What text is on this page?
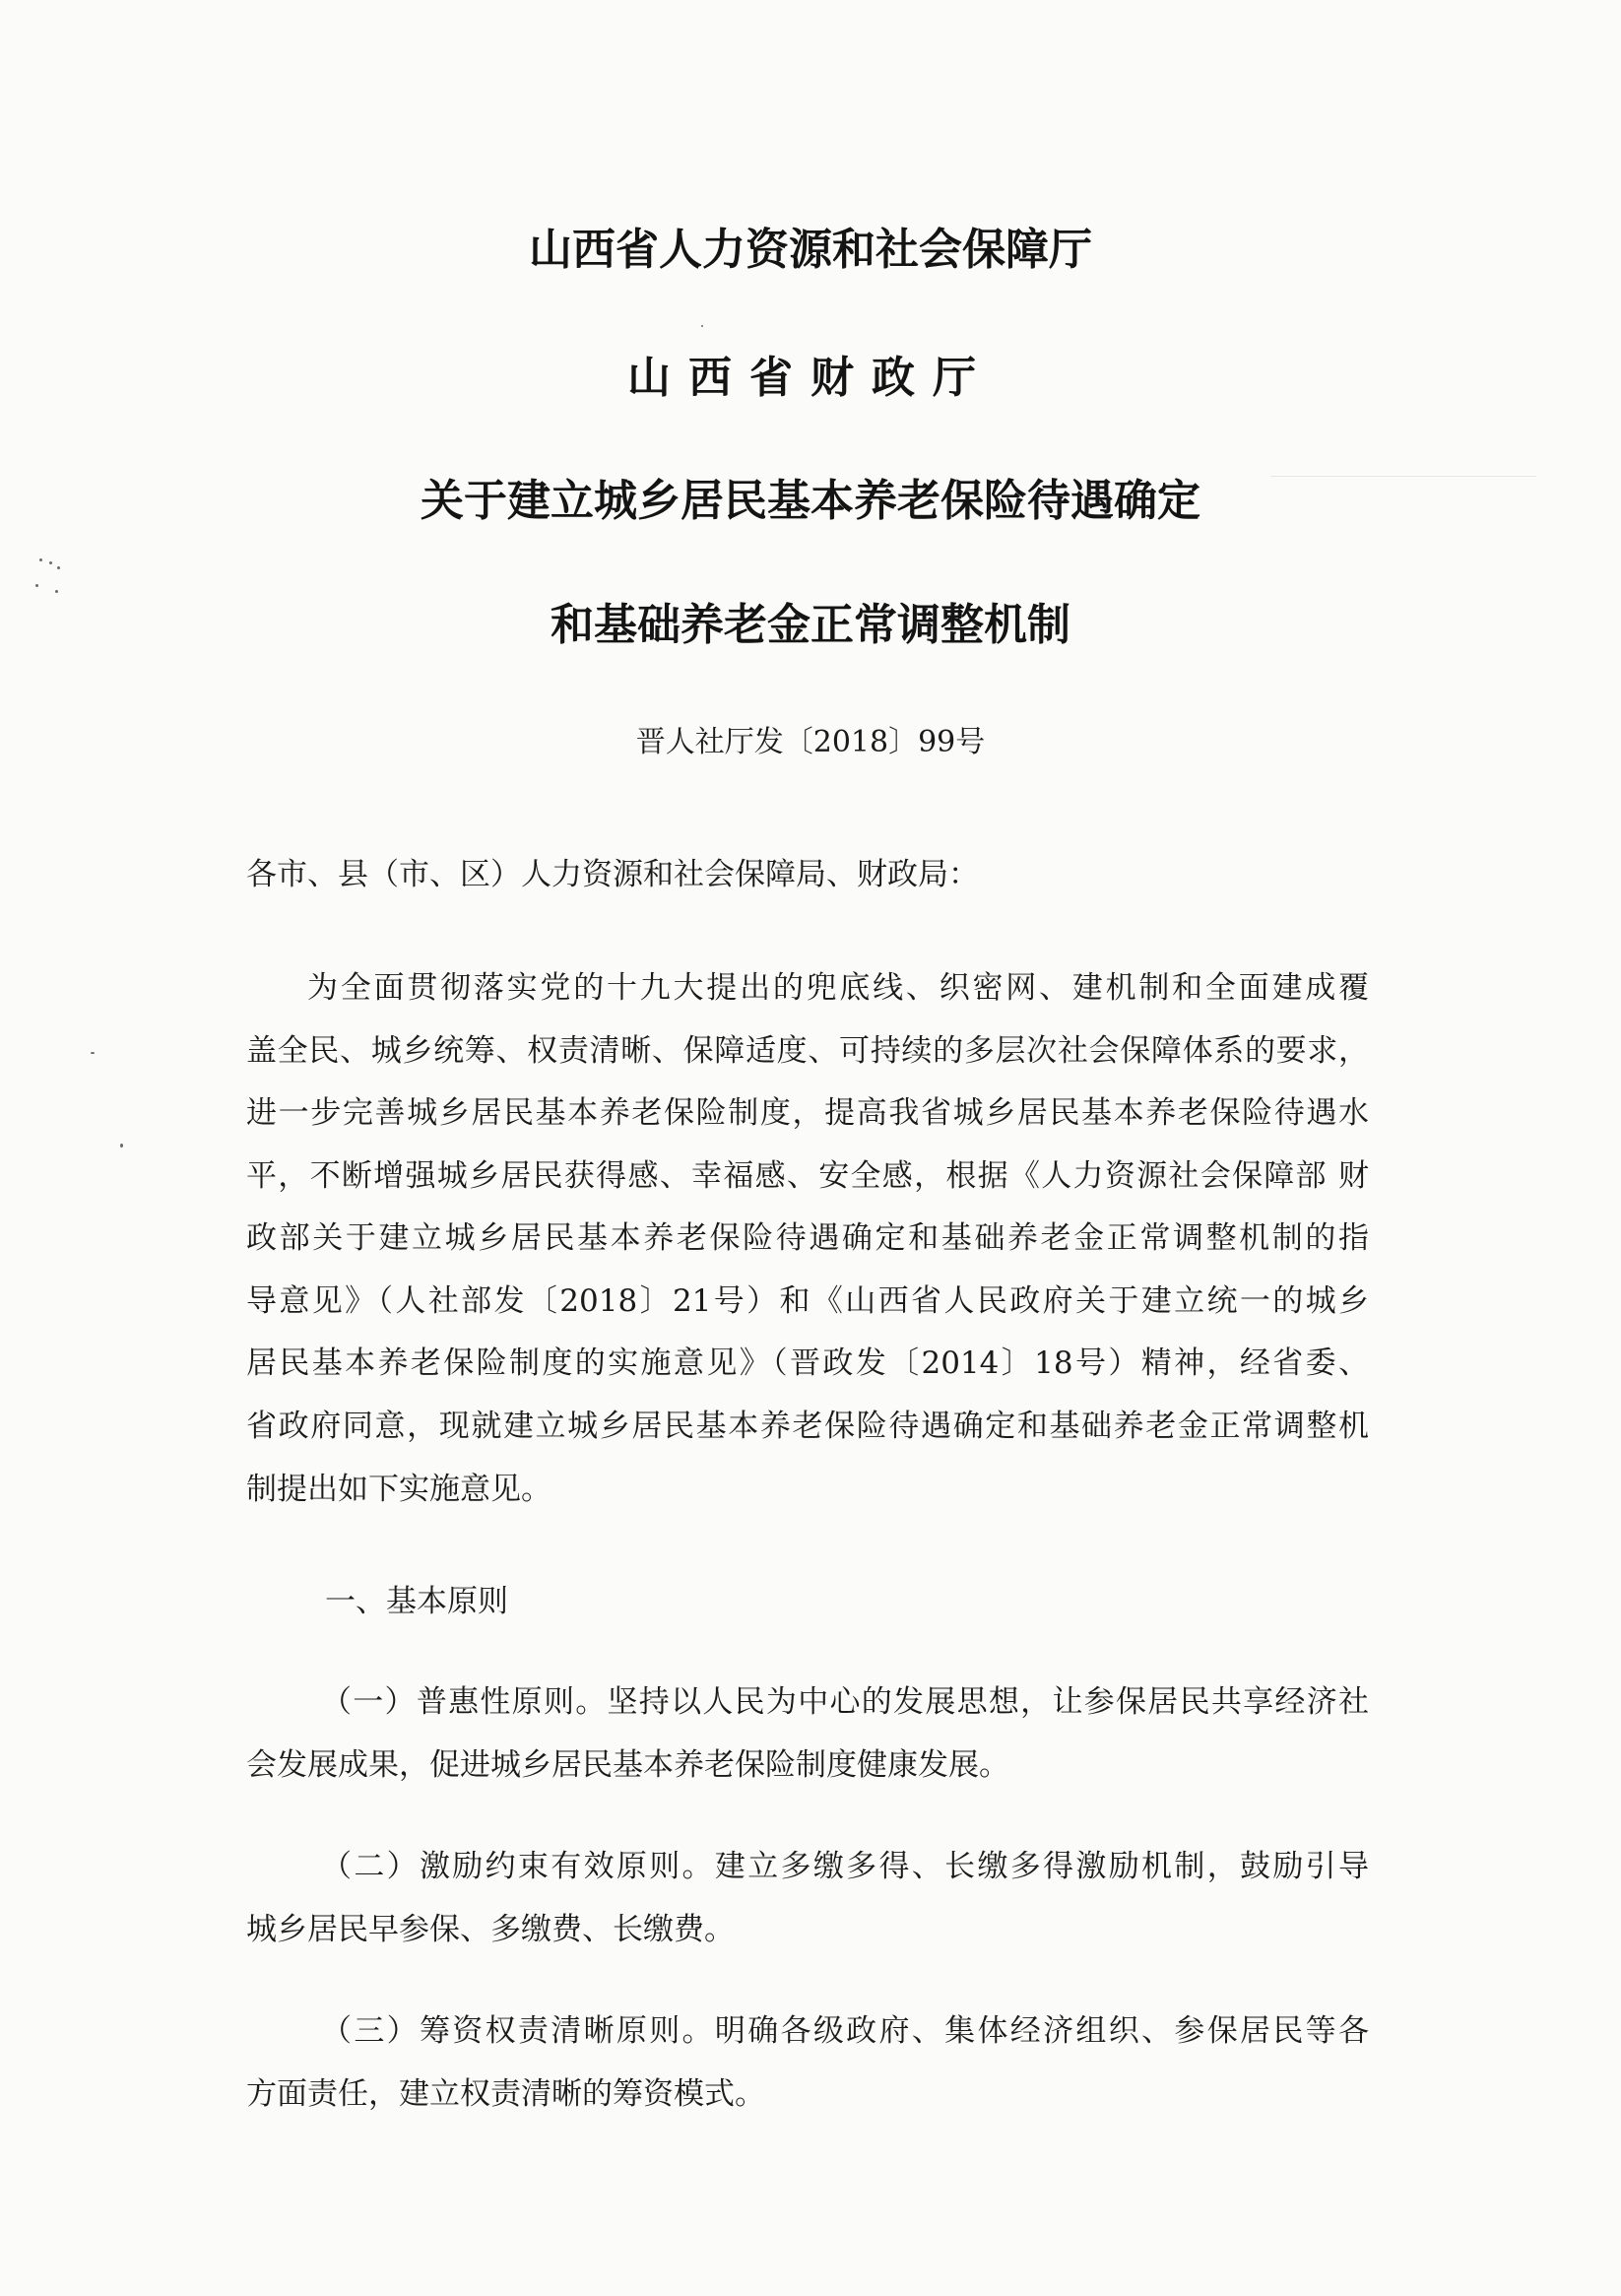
山西省人力资源和社会保障厅
山西省财政厅
关于建立城乡居民基本养老保险待遇确定
和基础养老金正常调整机制
晋人社厅发〔2018〕99号
各市、县（市、区）人力资源和社会保障局、财政局：
为全面贯彻落实党的十九大提出的兜底线、织密网、建机制和全面建成覆
盖全民、城乡统筹、权责清晰、保障适度、可持续的多层次社会保障体系的要求，
进一步完善城乡居民基本养老保险制度，提高我省城乡居民基本养老保险待遇水
平，不断增强城乡居民获得感、幸福感、安全感，根据《人力资源社会保障部 财
政部关于建立城乡居民基本养老保险待遇确定和基础养老金正常调整机制的指
导意见》（人社部发〔2018〕21号）和《山西省人民政府关于建立统一的城乡
居民基本养老保险制度的实施意见》（晋政发〔2014〕18号）精神，经省委、
省政府同意，现就建立城乡居民基本养老保险待遇确定和基础养老金正常调整机
制提出如下实施意见。
一、基本原则
（一）普惠性原则。坚持以人民为中心的发展思想，让参保居民共享经济社
会发展成果，促进城乡居民基本养老保险制度健康发展。
（二）激励约束有效原则。建立多缴多得、长缴多得激励机制，鼓励引导
城乡居民早参保、多缴费、长缴费。
（三）筹资权责清晰原则。明确各级政府、集体经济组织、参保居民等各
方面责任，建立权责清晰的筹资模式。
